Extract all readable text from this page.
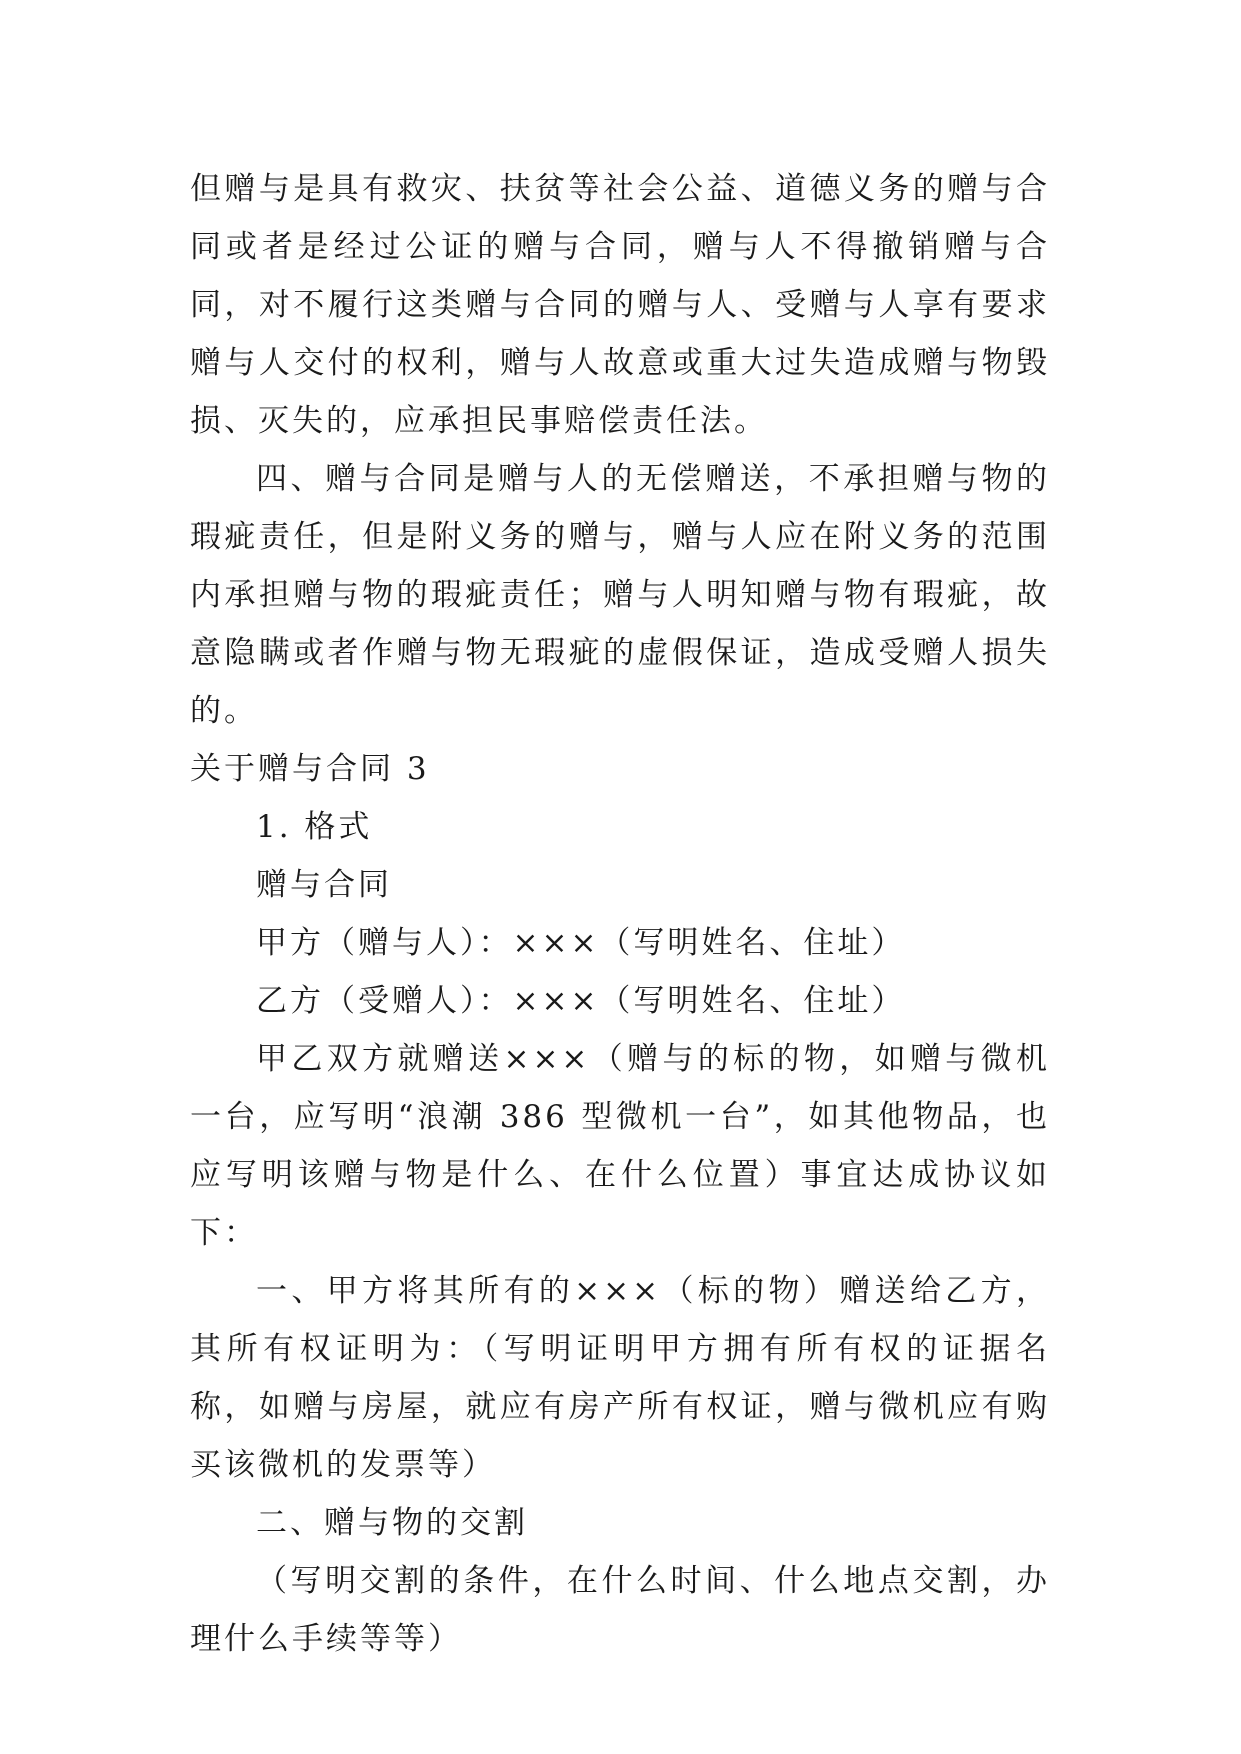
但赠与是具有救灾、扶贫等社会公益、道德义务的赠与合同或者是经过公证的赠与合同，赠与人不得撤销赠与合同，对不履行这类赠与合同的赠与人、受赠与人享有要求赠与人交付的权利，赠与人故意或重大过失造成赠与物毁损、灭失的，应承担民事赔偿责任法。

四、赠与合同是赠与人的无偿赠送，不承担赠与物的瑕疵责任，但是附义务的赠与，赠与人应在附义务的范围内承担赠与物的瑕疵责任；赠与人明知赠与物有瑕疵，故意隐瞒或者作赠与物无瑕疵的虚假保证，造成受赠人损失的。

关于赠与合同 3

1. 格式

赠与合同

甲方（赠与人）：×××（写明姓名、住址）

乙方（受赠人）：×××（写明姓名、住址）

甲乙双方就赠送×××（赠与的标的物，如赠与微机一台，应写明“浪潮 386 型微机一台”，如其他物品，也应写明该赠与物是什么、在什么位置）事宜达成协议如下：

一、甲方将其所有的×××（标的物）赠送给乙方，其所有权证明为：（写明证明甲方拥有所有权的证据名称，如赠与房屋，就应有房产所有权证，赠与微机应有购买该微机的发票等）

二、赠与物的交割

（写明交割的条件，在什么时间、什么地点交割，办理什么手续等等）
